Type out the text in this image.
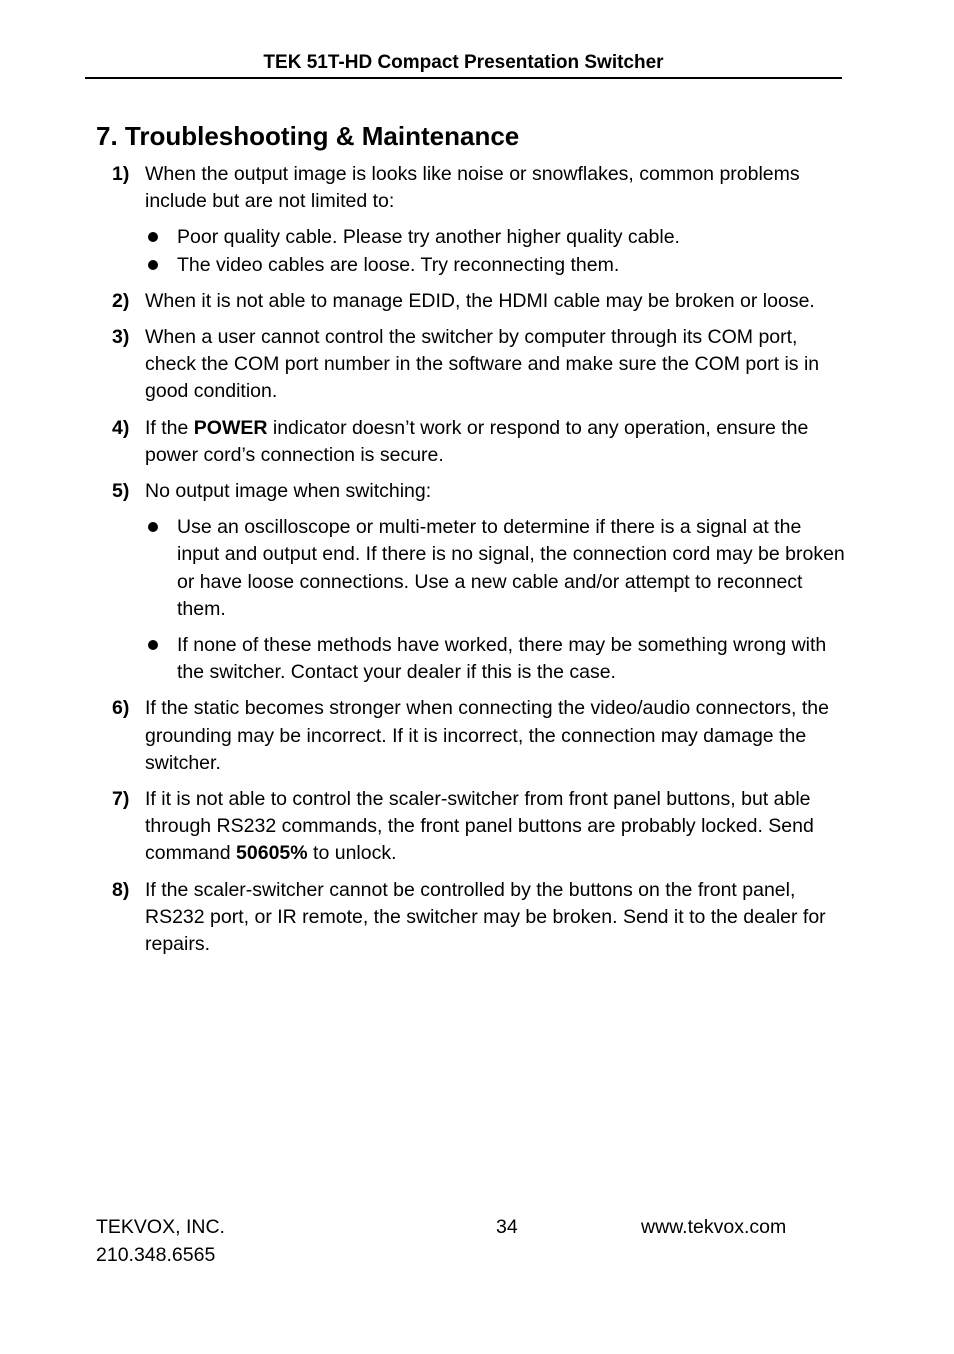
TEK 51T-HD Compact Presentation Switcher
7. Troubleshooting & Maintenance
1) When the output image is looks like noise or snowflakes, common problems include but are not limited to:
Poor quality cable. Please try another higher quality cable.
The video cables are loose. Try reconnecting them.
2) When it is not able to manage EDID, the HDMI cable may be broken or loose.
3) When a user cannot control the switcher by computer through its COM port, check the COM port number in the software and make sure the COM port is in good condition.
4) If the POWER indicator doesn’t work or respond to any operation, ensure the power cord’s connection is secure.
5) No output image when switching:
Use an oscilloscope or multi-meter to determine if there is a signal at the input and output end. If there is no signal, the connection cord may be broken or have loose connections. Use a new cable and/or attempt to reconnect them.
If none of these methods have worked, there may be something wrong with the switcher. Contact your dealer if this is the case.
6) If the static becomes stronger when connecting the video/audio connectors, the grounding may be incorrect. If it is incorrect, the connection may damage the switcher.
7) If it is not able to control the scaler-switcher from front panel buttons, but able through RS232 commands, the front panel buttons are probably locked. Send command 50605% to unlock.
8) If the scaler-switcher cannot be controlled by the buttons on the front panel, RS232 port, or IR remote, the switcher may be broken. Send it to the dealer for repairs.
TEKVOX, INC.
210.348.6565
34	www.tekvox.com
